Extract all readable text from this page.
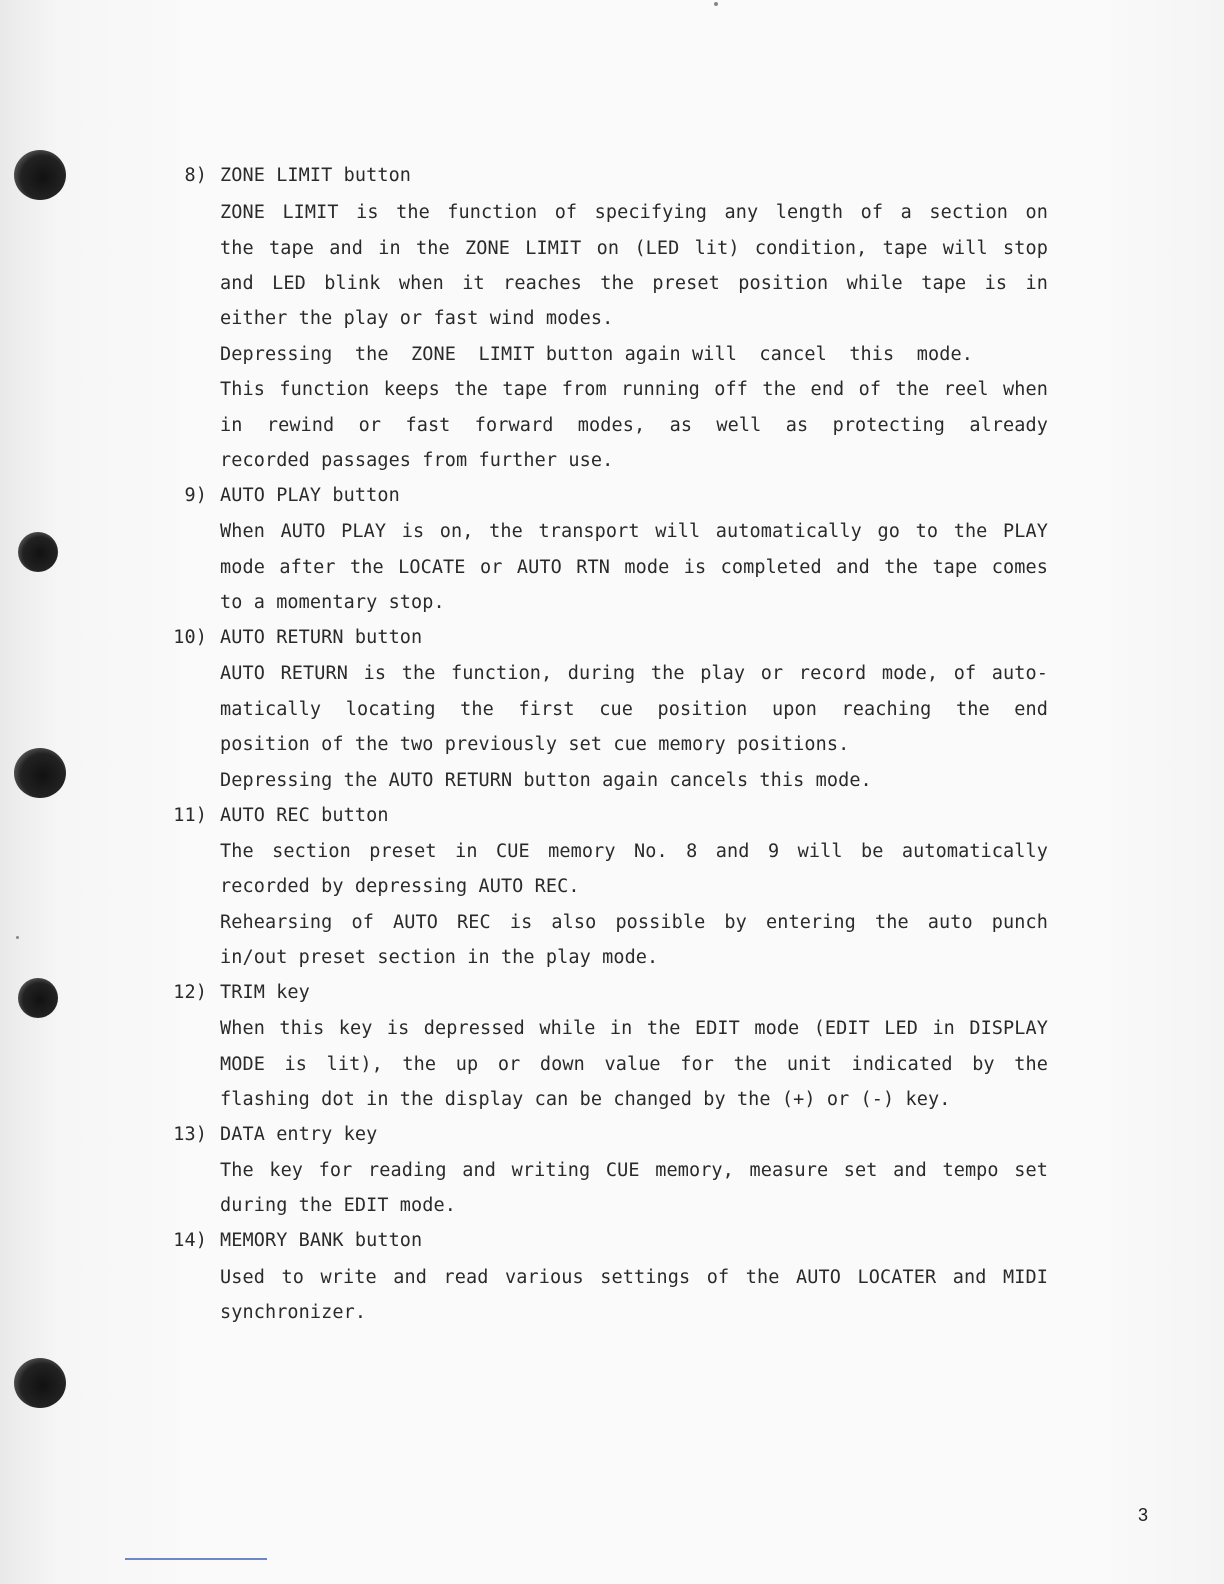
8) ZONE LIMIT button
ZONE LIMIT is the function of specifying any length of a section on
the tape and in the ZONE LIMIT on (LED lit) condition, tape will stop
and LED blink when it reaches the preset position while tape is in
either the play or fast wind modes.
Depressing  the  ZONE  LIMIT button again will  cancel  this  mode.
This function keeps the tape from running off the end of the reel when
in rewind or fast forward modes, as well as protecting already
recorded passages from further use.
9) AUTO PLAY button
When AUTO PLAY is on, the transport will automatically go to the PLAY
mode after the LOCATE or AUTO RTN mode is completed and the tape comes
to a momentary stop.
10) AUTO RETURN button
AUTO RETURN is the function, during the play or record mode, of auto-
matically locating the first cue position upon reaching the end
position of the two previously set cue memory positions.
Depressing the AUTO RETURN button again cancels this mode.
11) AUTO REC button
The section preset in CUE memory No. 8 and 9 will be automatically
recorded by depressing AUTO REC.
Rehearsing of AUTO REC is also possible by entering the auto punch
in/out preset section in the play mode.
12) TRIM key
When this key is depressed while in the EDIT mode (EDIT LED in DISPLAY
MODE is lit), the up or down value for the unit indicated by the
flashing dot in the display can be changed by the (+) or (-) key.
13) DATA entry key
The key for reading and writing CUE memory, measure set and tempo set
during the EDIT mode.
14) MEMORY BANK button
Used to write and read various settings of the AUTO LOCATER and MIDI
synchronizer.
3
